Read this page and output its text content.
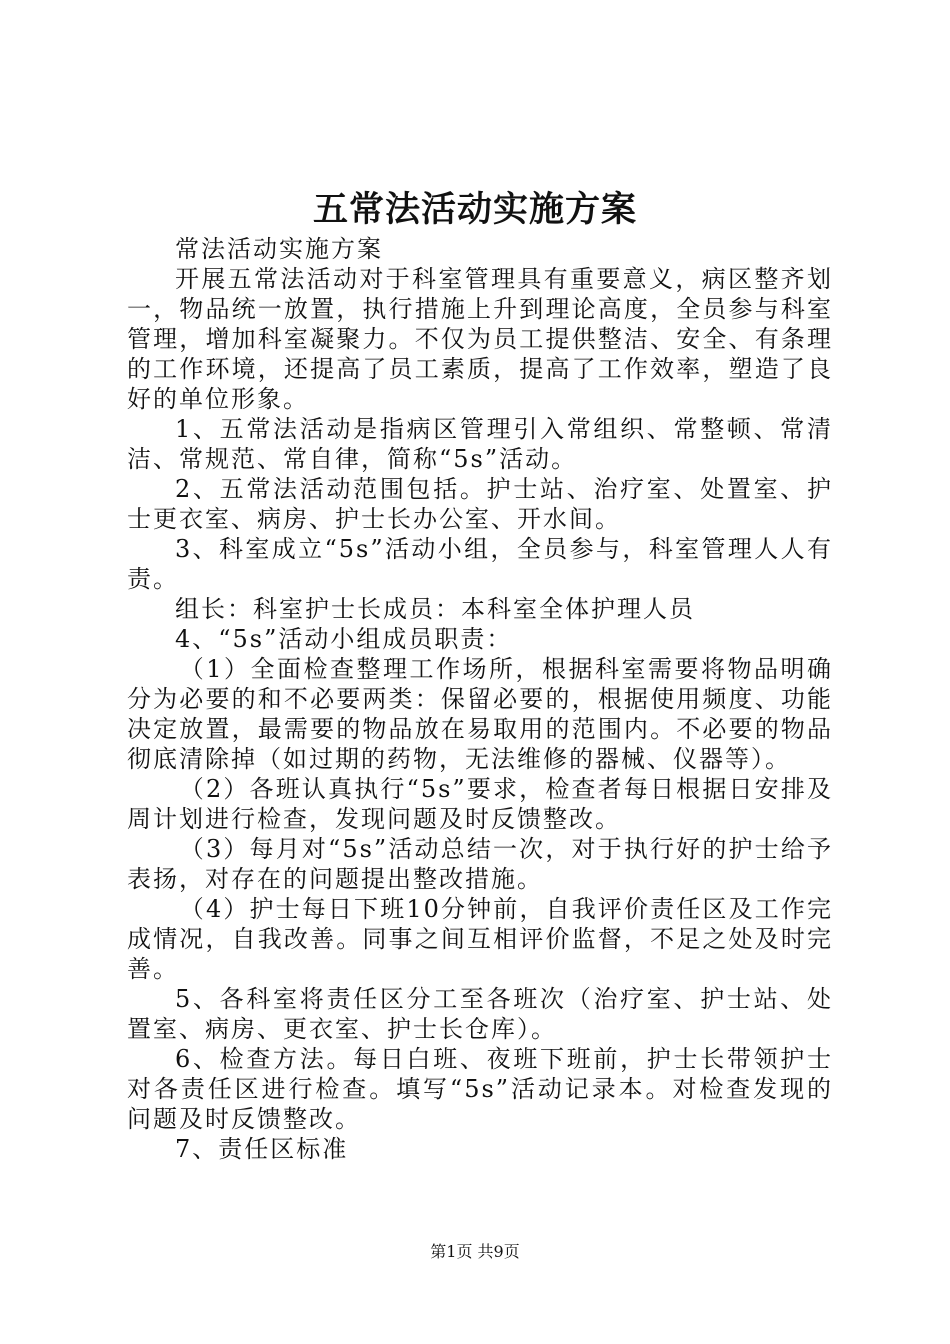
五常法活动实施方案

常法活动实施方案

开展五常法活动对于科室管理具有重要意义，病区整齐划一，物品统一放置，执行措施上升到理论高度，全员参与科室管理，增加科室凝聚力。不仅为员工提供整洁、安全、有条理的工作环境，还提高了员工素质，提高了工作效率，塑造了良好的单位形象。

1、五常法活动是指病区管理引入常组织、常整顿、常清洁、常规范、常自律，简称“5s”活动。

2、五常法活动范围包括。护士站、治疗室、处置室、护士更衣室、病房、护士长办公室、开水间。

3、科室成立“5s”活动小组，全员参与，科室管理人人有责。

组长：科室护士长成员：本科室全体护理人员

4、“5s”活动小组成员职责：

（1）全面检查整理工作场所，根据科室需要将物品明确分为必要的和不必要两类：保留必要的，根据使用频度、功能决定放置，最需要的物品放在易取用的范围内。不必要的物品彻底清除掉（如过期的药物，无法维修的器械、仪器等）。

（2）各班认真执行“5s”要求，检查者每日根据日安排及周计划进行检查，发现问题及时反馈整改。

（3）每月对“5s”活动总结一次，对于执行好的护士给予表扬，对存在的问题提出整改措施。

（4）护士每日下班10分钟前，自我评价责任区及工作完成情况，自我改善。同事之间互相评价监督，不足之处及时完善。

5、各科室将责任区分工至各班次（治疗室、护士站、处置室、病房、更衣室、护士长仓库）。

6、检查方法。每日白班、夜班下班前，护士长带领护士对各责任区进行检查。填写“5s”活动记录本。对检查发现的问题及时反馈整改。

7、责任区标准

第1页 共9页
